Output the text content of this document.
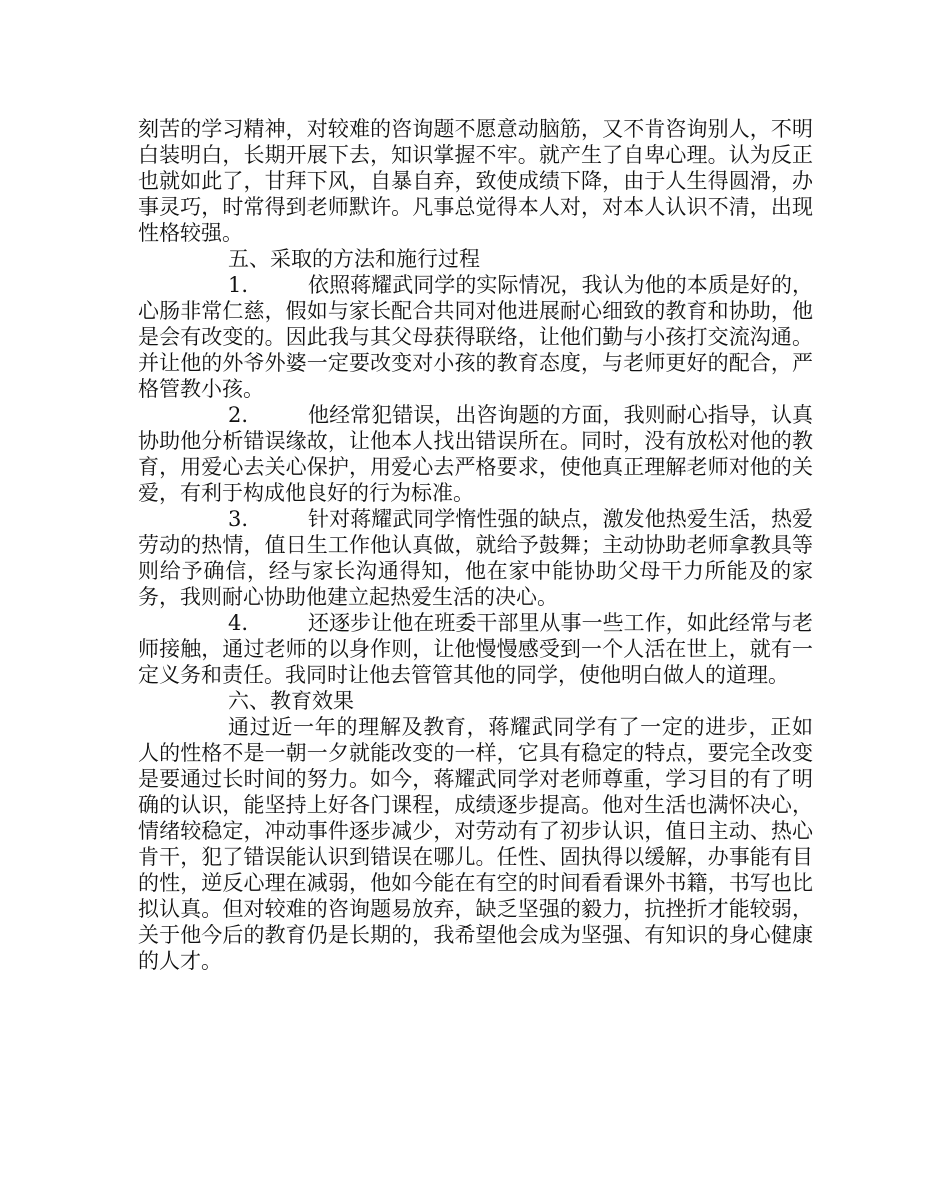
刻苦的学习精神，对较难的咨询题不愿意动脑筋，又不肯咨询别人，不明白装明白，长期开展下去，知识掌握不牢。就产生了自卑心理。认为反正也就如此了，甘拜下风，自暴自弃，致使成绩下降，由于人生得圆滑，办事灵巧，时常得到老师默许。凡事总觉得本人对，对本人认识不清，出现性格较强。

五、采取的方法和施行过程

1.	依照蒋耀武同学的实际情况，我认为他的本质是好的，心肠非常仁慈，假如与家长配合共同对他进展耐心细致的教育和协助，他是会有改变的。因此我与其父母获得联络，让他们勤与小孩打交流沟通。并让他的外爷外婆一定要改变对小孩的教育态度，与老师更好的配合，严格管教小孩。

2.	他经常犯错误，出咨询题的方面，我则耐心指导，认真协助他分析错误缘故，让他本人找出错误所在。同时，没有放松对他的教育，用爱心去关心保护，用爱心去严格要求，使他真正理解老师对他的关爱，有利于构成他良好的行为标准。

3.	针对蒋耀武同学惰性强的缺点，激发他热爱生活，热爱劳动的热情，值日生工作他认真做，就给予鼓舞；主动协助老师拿教具等则给予确信，经与家长沟通得知，他在家中能协助父母干力所能及的家务，我则耐心协助他建立起热爱生活的决心。

4.	还逐步让他在班委干部里从事一些工作，如此经常与老师接触，通过老师的以身作则，让他慢慢感受到一个人活在世上，就有一定义务和责任。我同时让他去管管其他的同学，使他明白做人的道理。

六、教育效果

通过近一年的理解及教育，蒋耀武同学有了一定的进步，正如人的性格不是一朝一夕就能改变的一样，它具有稳定的特点，要完全改变是要通过长时间的努力。如今，蒋耀武同学对老师尊重，学习目的有了明确的认识，能坚持上好各门课程，成绩逐步提高。他对生活也满怀决心，情绪较稳定，冲动事件逐步减少，对劳动有了初步认识，值日主动、热心肯干，犯了错误能认识到错误在哪儿。任性、固执得以缓解，办事能有目的性，逆反心理在减弱，他如今能在有空的时间看看课外书籍，书写也比拟认真。但对较难的咨询题易放弃，缺乏坚强的毅力，抗挫折才能较弱，关于他今后的教育仍是长期的，我希望他会成为坚强、有知识的身心健康的人才。
